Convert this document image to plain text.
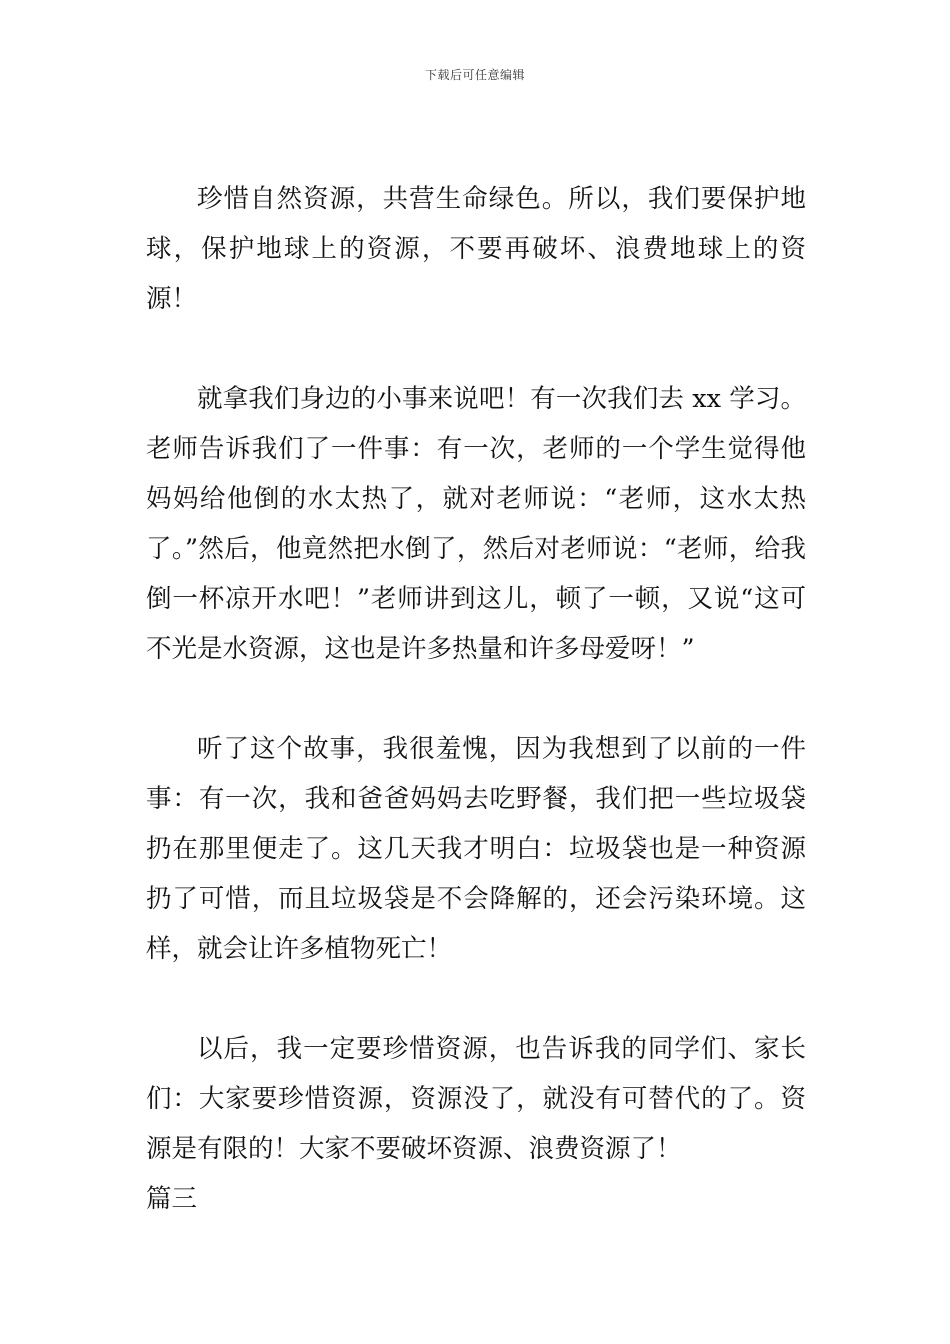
下载后可任意编辑

珍惜自然资源，共营生命绿色。所以，我们要保护地球，保护地球上的资源，不要再破坏、浪费地球上的资源！

就拿我们身边的小事来说吧！有一次我们去 xx 学习。老师告诉我们了一件事：有一次，老师的一个学生觉得他妈妈给他倒的水太热了，就对老师说：“老师，这水太热了。”然后，他竟然把水倒了，然后对老师说：“老师，给我倒一杯凉开水吧！”老师讲到这儿，顿了一顿，又说“这可不光是水资源，这也是许多热量和许多母爱呀！”

听了这个故事，我很羞愧，因为我想到了以前的一件事：有一次，我和爸爸妈妈去吃野餐，我们把一些垃圾袋扔在那里便走了。这几天我才明白：垃圾袋也是一种资源扔了可惜，而且垃圾袋是不会降解的，还会污染环境。这样，就会让许多植物死亡！

以后，我一定要珍惜资源，也告诉我的同学们、家长们：大家要珍惜资源，资源没了，就没有可替代的了。资源是有限的！大家不要破坏资源、浪费资源了！

篇三
